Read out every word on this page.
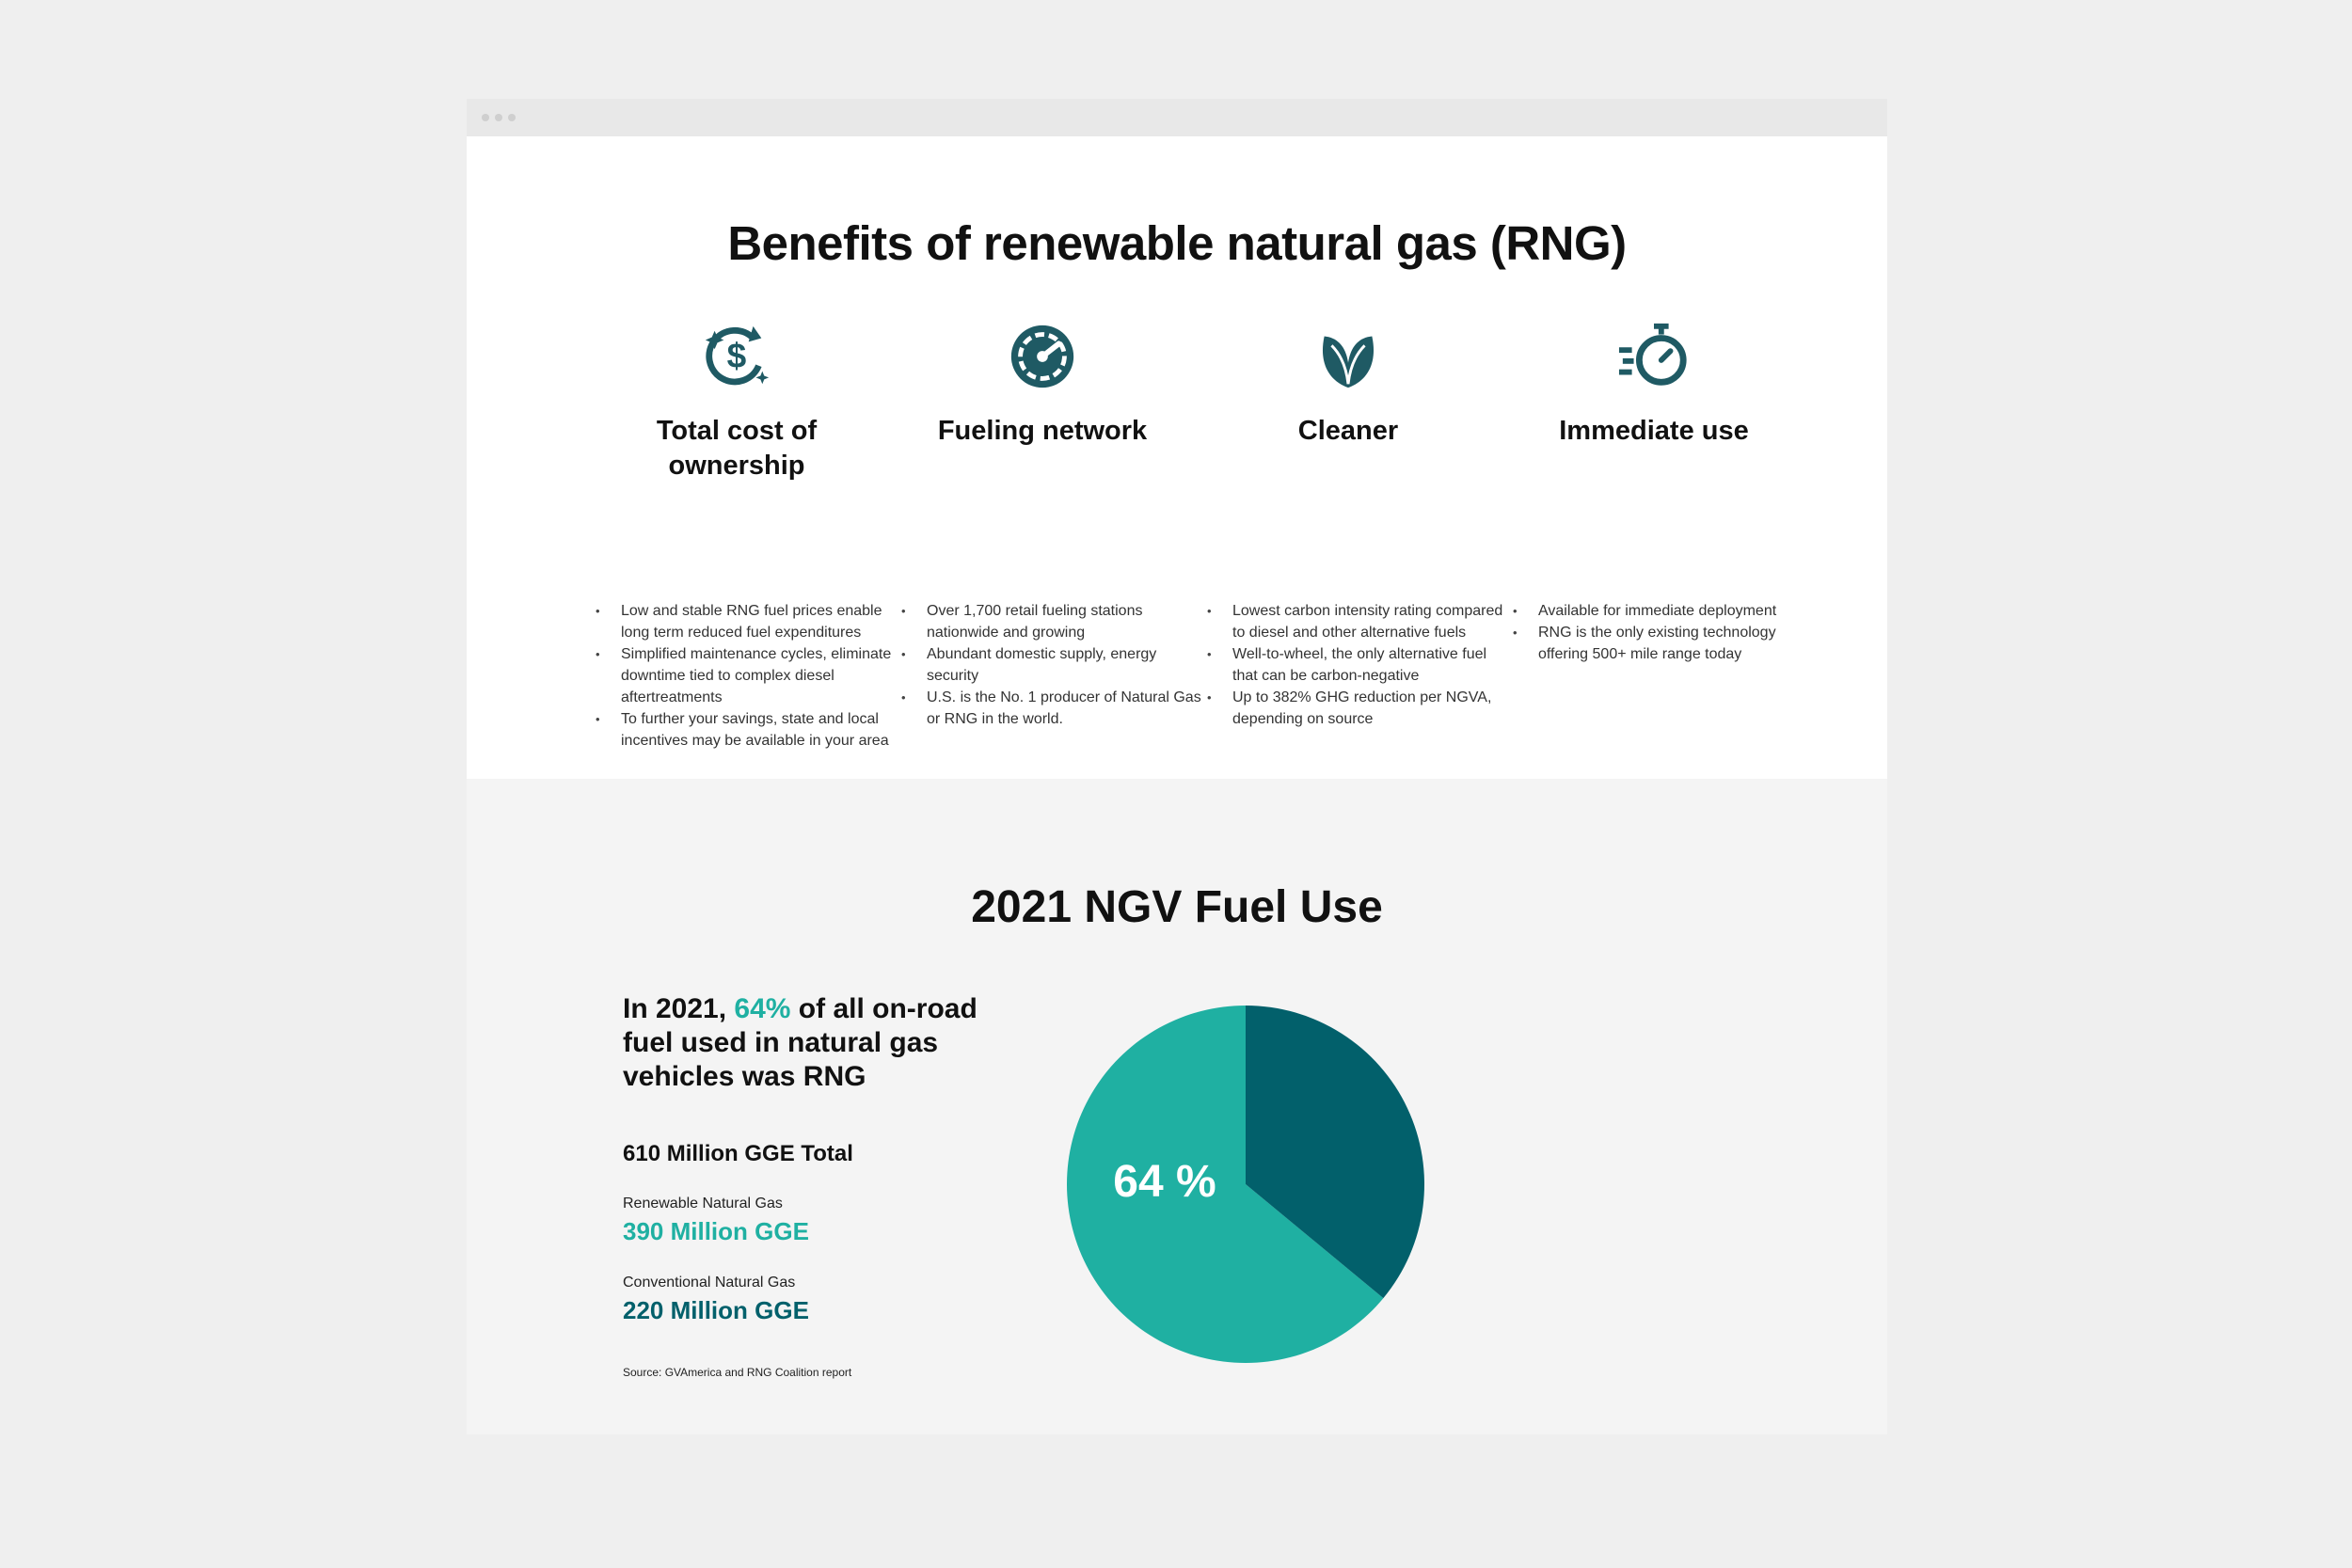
Benefits of renewable natural gas (RNG)
$
Total cost of ownership
• Low and stable RNG fuel prices enable long term reduced fuel expenditures
• Simplified maintenance cycles, eliminate downtime tied to complex diesel aftertreatments
• To further your savings, state and local incentives may be available in your area
Fueling network
• Over 1,700 retail fueling stations nationwide and growing
• Abundant domestic supply, energy security
• U.S. is the No. 1 producer of Natural Gas or RNG in the world.
Cleaner
• Lowest carbon intensity rating compared to diesel and other alternative fuels
• Well-to-wheel, the only alternative fuel that can be carbon-negative
• Up to 382% GHG reduction per NGVA, depending on source
Immediate use
• Available for immediate deployment
• RNG is the only existing technology offering 500+ mile range today
2021 NGV Fuel Use
In 2021, 64% of all on-road fuel used in natural gas vehicles was RNG
610 Million GGE Total
Renewable Natural Gas
390 Million GGE
Conventional Natural Gas
220 Million GGE
Source: GVAmerica and RNG Coalition report
64 %
